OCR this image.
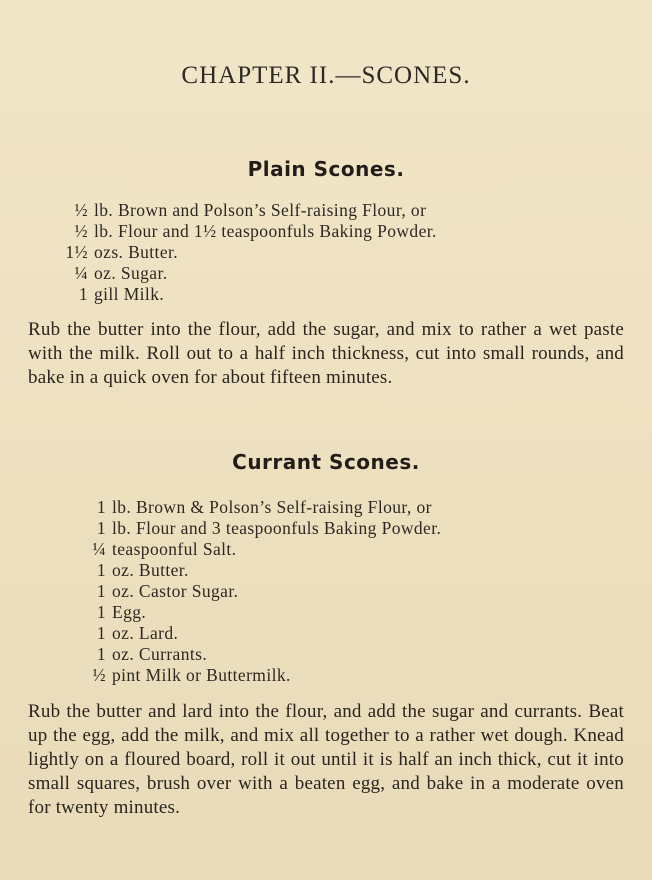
CHAPTER II.—SCONES.
Plain Scones.
½ lb. Brown and Polson’s Self-raising Flour, or
½ lb. Flour and 1½ teaspoonfuls Baking Powder.
1½ ozs. Butter.
¼ oz. Sugar.
1 gill Milk.

Rub the butter into the flour, add the sugar, and mix to rather a wet paste with the milk. Roll out to a half inch thickness, cut into small rounds, and bake in a quick oven for about fifteen minutes.

Currant Scones.
1 lb. Brown & Polson’s Self-raising Flour, or
1 lb. Flour and 3 teaspoonfuls Baking Powder.
¼ teaspoonful Salt.
1 oz. Butter.
1 oz. Castor Sugar.
1 Egg.
1 oz. Lard.
1 oz. Currants.
½ pint Milk or Buttermilk.

Rub the butter and lard into the flour, and add the sugar and currants. Beat up the egg, add the milk, and mix all together to a rather wet dough. Knead lightly on a floured board, roll it out until it is half an inch thick, cut it into small squares, brush over with a beaten egg, and bake in a moderate oven for twenty minutes.
